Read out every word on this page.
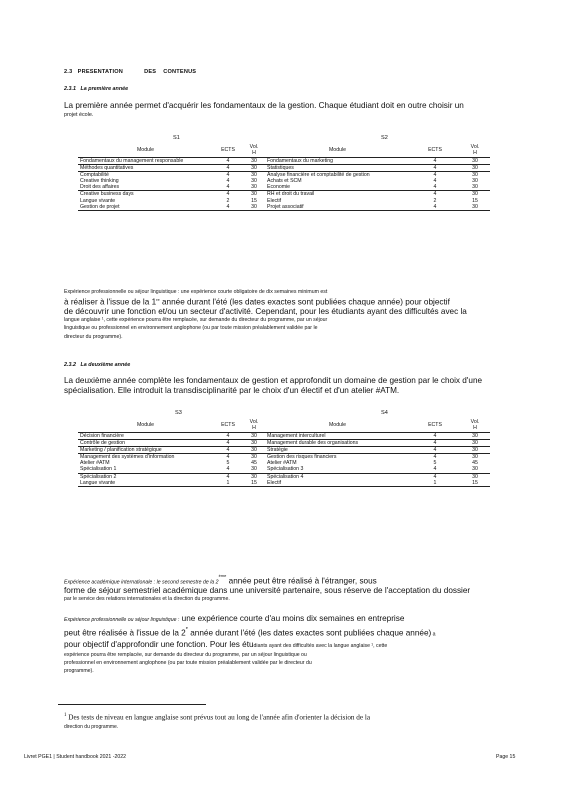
2.3 PRESENTATION	DES CONTENUS
2.3.1 La première année
La première année permet d'acquérir les fondamentaux de la gestion. Chaque étudiant doit en outre choisir un
projet école.
S1	S2
Module	ECTS	Vol.
H	Module	ECTS	Vol.
H
Fondamentaux du management responsable	4	30	Fondamentaux du marketing	4	30
Méthodes quantitatives	4	30	Statistiques	4	30
Comptabilité	4	30	Analyse financière et comptabilité de gestion	4	30
Creative thinking	4	30	Achats et SCM	4	30
Droit des affaires	4	30	Economie	4	30
Creative business days	4	30	RH et droit du travail	4	30
Langue vivante	2	15	Electif	2	15
Gestion de projet	4	30	Projet associatif	4	30
Expérience professionnelle ou séjour linguistique : une expérience courte obligatoire de dix semaines minimum est
à réaliser à l'issue de la 1re année durant l'été (les dates exactes sont publiées chaque année) pour objectif
de découvrir une fonction et/ou un secteur d'activité. Cependant, pour les étudiants ayant des difficultés avec la
langue anglaise ¹, cette expérience pourra être remplacée, sur demande du directeur du programme, par un séjour
linguistique ou professionnel en environnement anglophone (ou par toute mission préalablement validée par le
directeur du programme).
2.3.2 La deuxième année
La deuxième année complète les fondamentaux de gestion et approfondit un domaine de gestion par le choix d'une
spécialisation. Elle introduit la transdisciplinarité par le choix d'un électif et d'un atelier #ATM.
S3	S4
Module	ECTS	Vol.
H	Module	ECTS	Vol.
H
Décision financière	4	30	Management interculturel	4	30
Contrôle de gestion	4	30	Management durable des organisations	4	30
Marketing / planification stratégique	4	30	Stratégie	4	30
Management des systèmes d'information	4	30	Gestion des risques financiers	4	30
Atelier #ATM	5	45	Atelier #ATM	5	45
Spécialisation 1	4	30	Spécialisation 3	4	30
Spécialisation 2	4	30	Spécialisation 4	4	30
Langue vivante	1	15	Electif	1	15
Expérience académique internationale : le second semestre de la 2ème année peut être réalisé à l'étranger, sous
forme de séjour semestriel académique dans une université partenaire, sous réserve de l'acceptation du dossier
par le service des relations internationales et la direction du programme.
Expérience professionnelle ou séjour linguistique : une expérience courte d'au moins dix semaines en entreprise
peut être réalisée à l'issue de la 2e année durant l'été (les dates exactes sont publiées chaque année) a
pour objectif d'approfondir une fonction. Pour les étudiants ayant des difficultés avec la langue anglaise ¹, cette
expérience pourra être remplacée, sur demande du directeur du programme, par un séjour linguistique ou
professionnel en environnement anglophone (ou par toute mission préalablement validée par le directeur du
programme).
$^1$ Des tests de niveau en langue anglaise sont prévus tout au long de l'année afin d'orienter la décision de la
direction du programme.
Livret PGE1 | Student handbook 2021 -2022	Page 15
